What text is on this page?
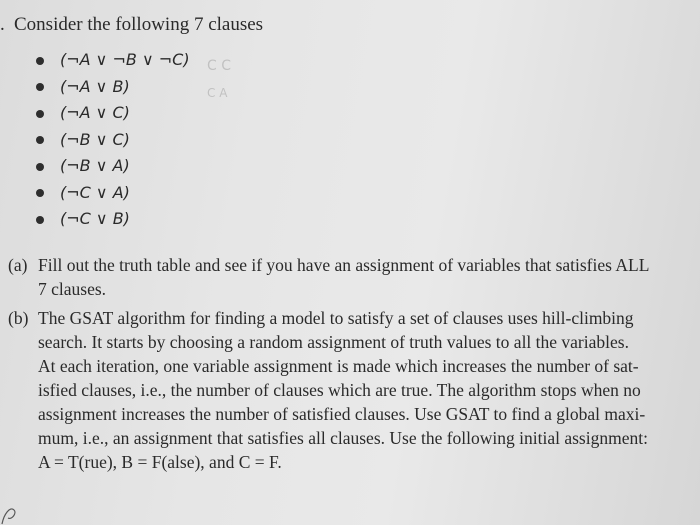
. Consider the following 7 clauses
(¬A ∨ ¬B ∨ ¬C)
(¬A ∨ B)
(¬A ∨ C)
(¬B ∨ C)
(¬B ∨ A)
(¬C ∨ A)
(¬C ∨ B)
C C
C A
(a) Fill out the truth table and see if you have an assignment of variables that satisfies ALL
7 clauses.
(b) The GSAT algorithm for finding a model to satisfy a set of clauses uses hill-climbing
search. It starts by choosing a random assignment of truth values to all the variables.
At each iteration, one variable assignment is made which increases the number of sat-
isfied clauses, i.e., the number of clauses which are true. The algorithm stops when no
assignment increases the number of satisfied clauses. Use GSAT to find a global maxi-
mum, i.e., an assignment that satisfies all clauses. Use the following initial assignment:
A = T(rue), B = F(alse), and C = F.
